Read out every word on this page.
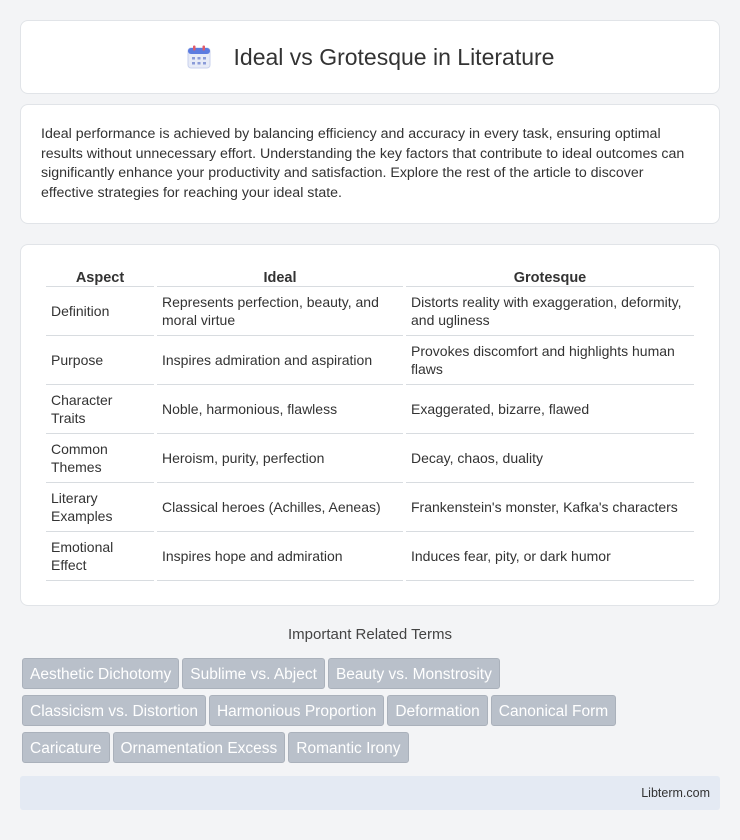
Ideal vs Grotesque in Literature

Ideal performance is achieved by balancing efficiency and accuracy in every task, ensuring optimal results without unnecessary effort. Understanding the key factors that contribute to ideal outcomes can significantly enhance your productivity and satisfaction. Explore the rest of the article to discover effective strategies for reaching your ideal state.

Aspect	Ideal	Grotesque
Definition	Represents perfection, beauty, and moral virtue	Distorts reality with exaggeration, deformity, and ugliness
Purpose	Inspires admiration and aspiration	Provokes discomfort and highlights human flaws
Character Traits	Noble, harmonious, flawless	Exaggerated, bizarre, flawed
Common Themes	Heroism, purity, perfection	Decay, chaos, duality
Literary Examples	Classical heroes (Achilles, Aeneas)	Frankenstein's monster, Kafka's characters
Emotional Effect	Inspires hope and admiration	Induces fear, pity, or dark humor
Important Related Terms
Aesthetic Dichotomy Sublime vs. Abject Beauty vs. Monstrosity
Classicism vs. Distortion Harmonious Proportion Deformation Canonical Form
Caricature Ornamentation Excess Romantic Irony
Libterm.com
